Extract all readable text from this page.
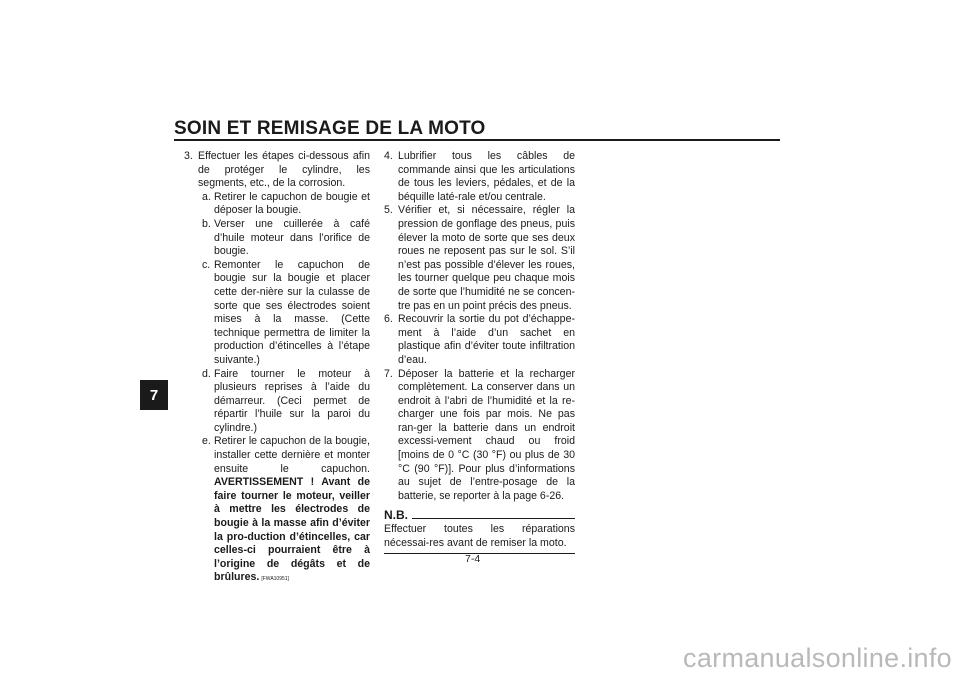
SOIN ET REMISAGE DE LA MOTO
7
3. Effectuer les étapes ci-dessous afin de protéger le cylindre, les segments, etc., de la corrosion.
a. Retirer le capuchon de bougie et déposer la bougie.
b. Verser une cuillerée à café d’huile moteur dans l’orifice de bougie.
c. Remonter le capuchon de bougie sur la bougie et placer cette der-nière sur la culasse de sorte que ses électrodes soient mises à la masse. (Cette technique permettra de limiter la production d’étincelles à l’étape suivante.)
d. Faire tourner le moteur à plusieurs reprises à l’aide du démarreur. (Ceci permet de répartir l’huile sur la paroi du cylindre.)
e. Retirer le capuchon de la bougie, installer cette dernière et monter ensuite le capuchon. AVERTISSEMENT ! Avant de faire tourner le moteur, veiller à mettre les électrodes de bougie à la masse afin d’éviter la pro-duction d’étincelles, car celles-ci pourraient être à l’origine de dégâts et de brûlures. [FWA10951]
4. Lubrifier tous les câbles de commande ainsi que les articulations de tous les leviers, pédales, et de la béquille laté-rale et/ou centrale.
5. Vérifier et, si nécessaire, régler la pression de gonflage des pneus, puis élever la moto de sorte que ses deux roues ne reposent pas sur le sol. S’il n’est pas possible d’élever les roues, les tourner quelque peu chaque mois de sorte que l’humidité ne se concen-tre pas en un point précis des pneus.
6. Recouvrir la sortie du pot d’échappe-ment à l’aide d’un sachet en plastique afin d’éviter toute infiltration d’eau.
7. Déposer la batterie et la recharger complètement. La conserver dans un endroit à l’abri de l’humidité et la re-charger une fois par mois. Ne pas ran-ger la batterie dans un endroit excessi-vement chaud ou froid [moins de 0 °C (30 °F) ou plus de 30 °C (90 °F)]. Pour plus d’informations au sujet de l’entre-posage de la batterie, se reporter à la page 6-26.
N.B.
Effectuer toutes les réparations nécessai-res avant de remiser la moto.
7-4
carmanualsonline.info
